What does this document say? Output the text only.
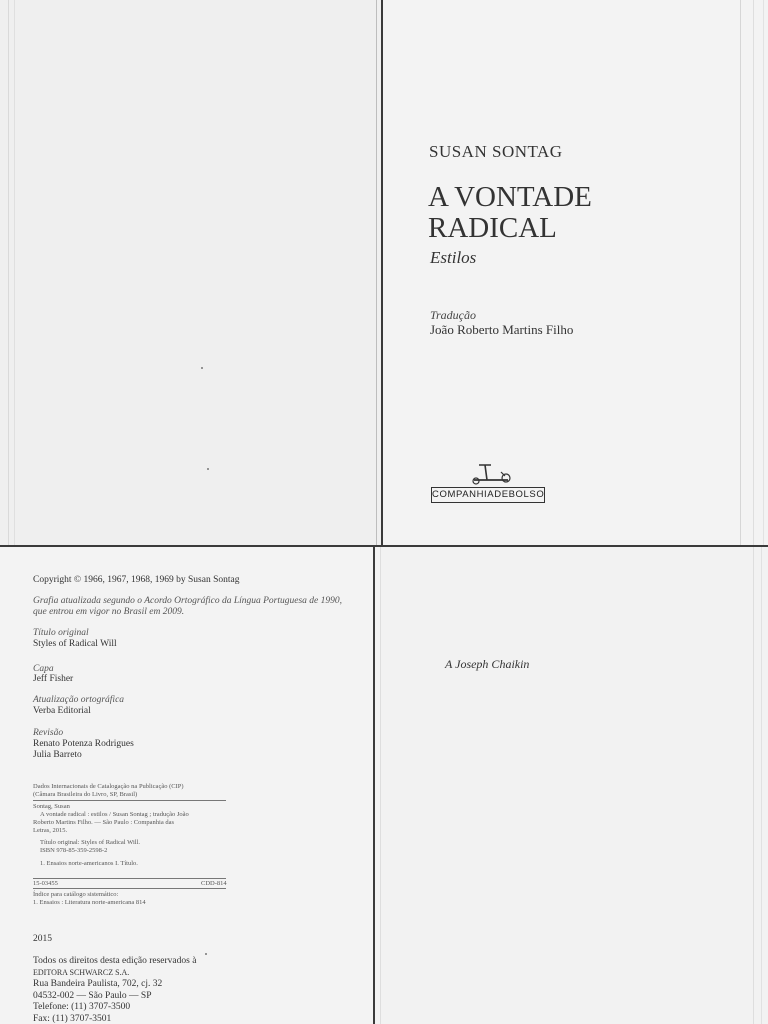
SUSAN SONTAG
A VONTADE
RADICAL
Estilos
Tradução
João Roberto Martins Filho
COMPANHIADEBOLSO
Copyright © 1966, 1967, 1968, 1969 by Susan Sontag
Grafia atualizada segundo o Acordo Ortográfico da Língua Portuguesa de 1990,
que entrou em vigor no Brasil em 2009.
Título original
Styles of Radical Will
Capa
Jeff Fisher
Atualização ortográfica
Verba Editorial
Revisão
Renato Potenza Rodrigues
Julia Barreto
Dados Internacionais de Catalogação na Publicação (CIP)
(Câmara Brasileira do Livro, SP, Brasil)
Sontag, Susan
A vontade radical : estilos / Susan Sontag ; tradução João
Roberto Martins Filho. — São Paulo : Companhia das
Letras, 2015.
Título original: Styles of Radical Will.
ISBN 978-85-359-2598-2
1. Ensaios norte-americanos I. Título.
15-03455	CDD-814
Índice para catálogo sistemático:
1. Ensaios : Literatura norte-americana 814
2015
Todos os direitos desta edição reservados à
EDITORA SCHWARCZ S.A.
Rua Bandeira Paulista, 702, cj. 32
04532-002 — São Paulo — SP
Telefone: (11) 3707-3500
Fax: (11) 3707-3501
A Joseph Chaikin
